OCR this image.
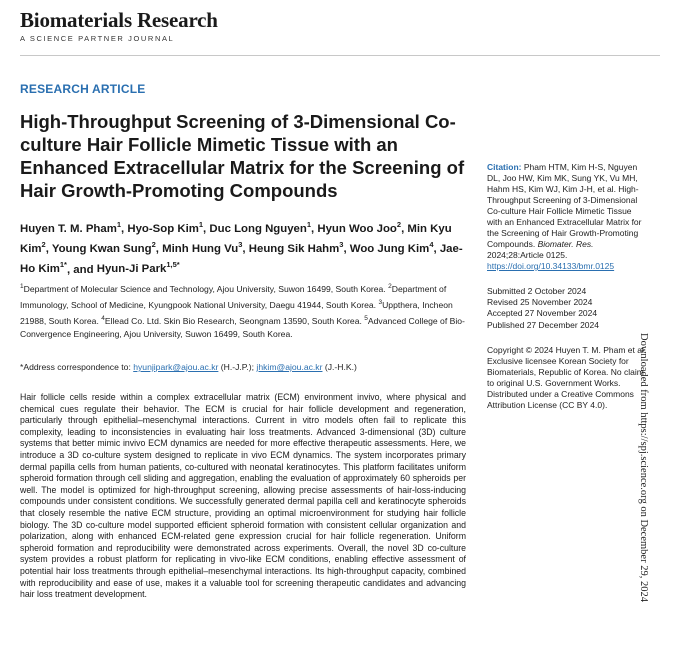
Biomaterials Research
A SCIENCE PARTNER JOURNAL
RESEARCH ARTICLE
High-Throughput Screening of 3-Dimensional Co-culture Hair Follicle Mimetic Tissue with an Enhanced Extracellular Matrix for the Screening of Hair Growth-Promoting Compounds
Huyen T. M. Pham$^1$, Hyo-Sop Kim$^1$, Duc Long Nguyen$^1$, Hyun Woo Joo$^2$, Min Kyu Kim$^2$, Young Kwan Sung$^2$, Minh Hung Vu$^3$, Heung Sik Hahm$^3$, Woo Jung Kim$^4$, Jae-Ho Kim$^{1*}$, and Hyun-Ji Park$^{1,5*}$
$^1$Department of Molecular Science and Technology, Ajou University, Suwon 16499, South Korea. $^2$Department of Immunology, School of Medicine, Kyungpook National University, Daegu 41944, South Korea. $^3$Uppthera, Incheon 21988, South Korea. $^4$Ellead Co. Ltd. Skin Bio Research, Seongnam 13590, South Korea. $^5$Advanced College of Bio-Convergence Engineering, Ajou University, Suwon 16499, South Korea.
*Address correspondence to: hyunjipark@ajou.ac.kr (H.-J.P.); jhkim@ajou.ac.kr (J.-H.K.)

Hair follicle cells reside within a complex extracellular matrix (ECM) environment invivo, where physical and chemical cues regulate their behavior. The ECM is crucial for hair follicle development and regeneration, particularly through epithelial–mesenchymal interactions. Current in vitro models often fail to replicate this complexity, leading to inconsistencies in evaluating hair loss treatments. Advanced 3-dimensional (3D) culture systems that better mimic invivo ECM dynamics are needed for more effective therapeutic assessments. Here, we introduce a 3D co-culture system designed to replicate in vivo ECM dynamics. The system incorporates primary dermal papilla cells from human patients, co-cultured with neonatal keratinocytes. This platform facilitates uniform spheroid formation through cell sliding and aggregation, enabling the evaluation of approximately 60 spheroids per well. The model is optimized for high-throughput screening, allowing precise assessments of hair-loss-inducing compounds under consistent conditions. We successfully generated dermal papilla cell and keratinocyte spheroids that closely resemble the native ECM structure, providing an optimal microenvironment for studying hair follicle biology. The 3D co-culture model supported efficient spheroid formation with consistent cellular organization and polarization, along with enhanced ECM-related gene expression crucial for hair follicle regeneration. Uniform spheroid formation and reproducibility were demonstrated across experiments. Overall, the novel 3D co-culture system provides a robust platform for replicating in vivo-like ECM conditions, enabling effective assessment of potential hair loss treatments through epithelial–mesenchymal interactions. Its high-throughput capacity, combined with reproducibility and ease of use, makes it a valuable tool for screening therapeutic candidates and advancing hair loss treatment development.

Citation: Pham HTM, Kim H-S, Nguyen DL, Joo HW, Kim MK, Sung YK, Vu MH, Hahm HS, Kim WJ, Kim J-H, et al. High-Throughput Screening of 3-Dimensional Co-culture Hair Follicle Mimetic Tissue with an Enhanced Extracellular Matrix for the Screening of Hair Growth-Promoting Compounds. Biomater. Res. 2024;28:Article 0125. https://doi.org/10.34133/bmr.0125
Submitted 2 October 2024
Revised 25 November 2024
Accepted 27 November 2024
Published 27 December 2024
Copyright © 2024 Huyen T. M. Pham et al. Exclusive licensee Korean Society for Biomaterials, Republic of Korea. No claim to original U.S. Government Works. Distributed under a Creative Commons Attribution License (CC BY 4.0).	Downloaded from https://spj.science.org on December 29, 2024
